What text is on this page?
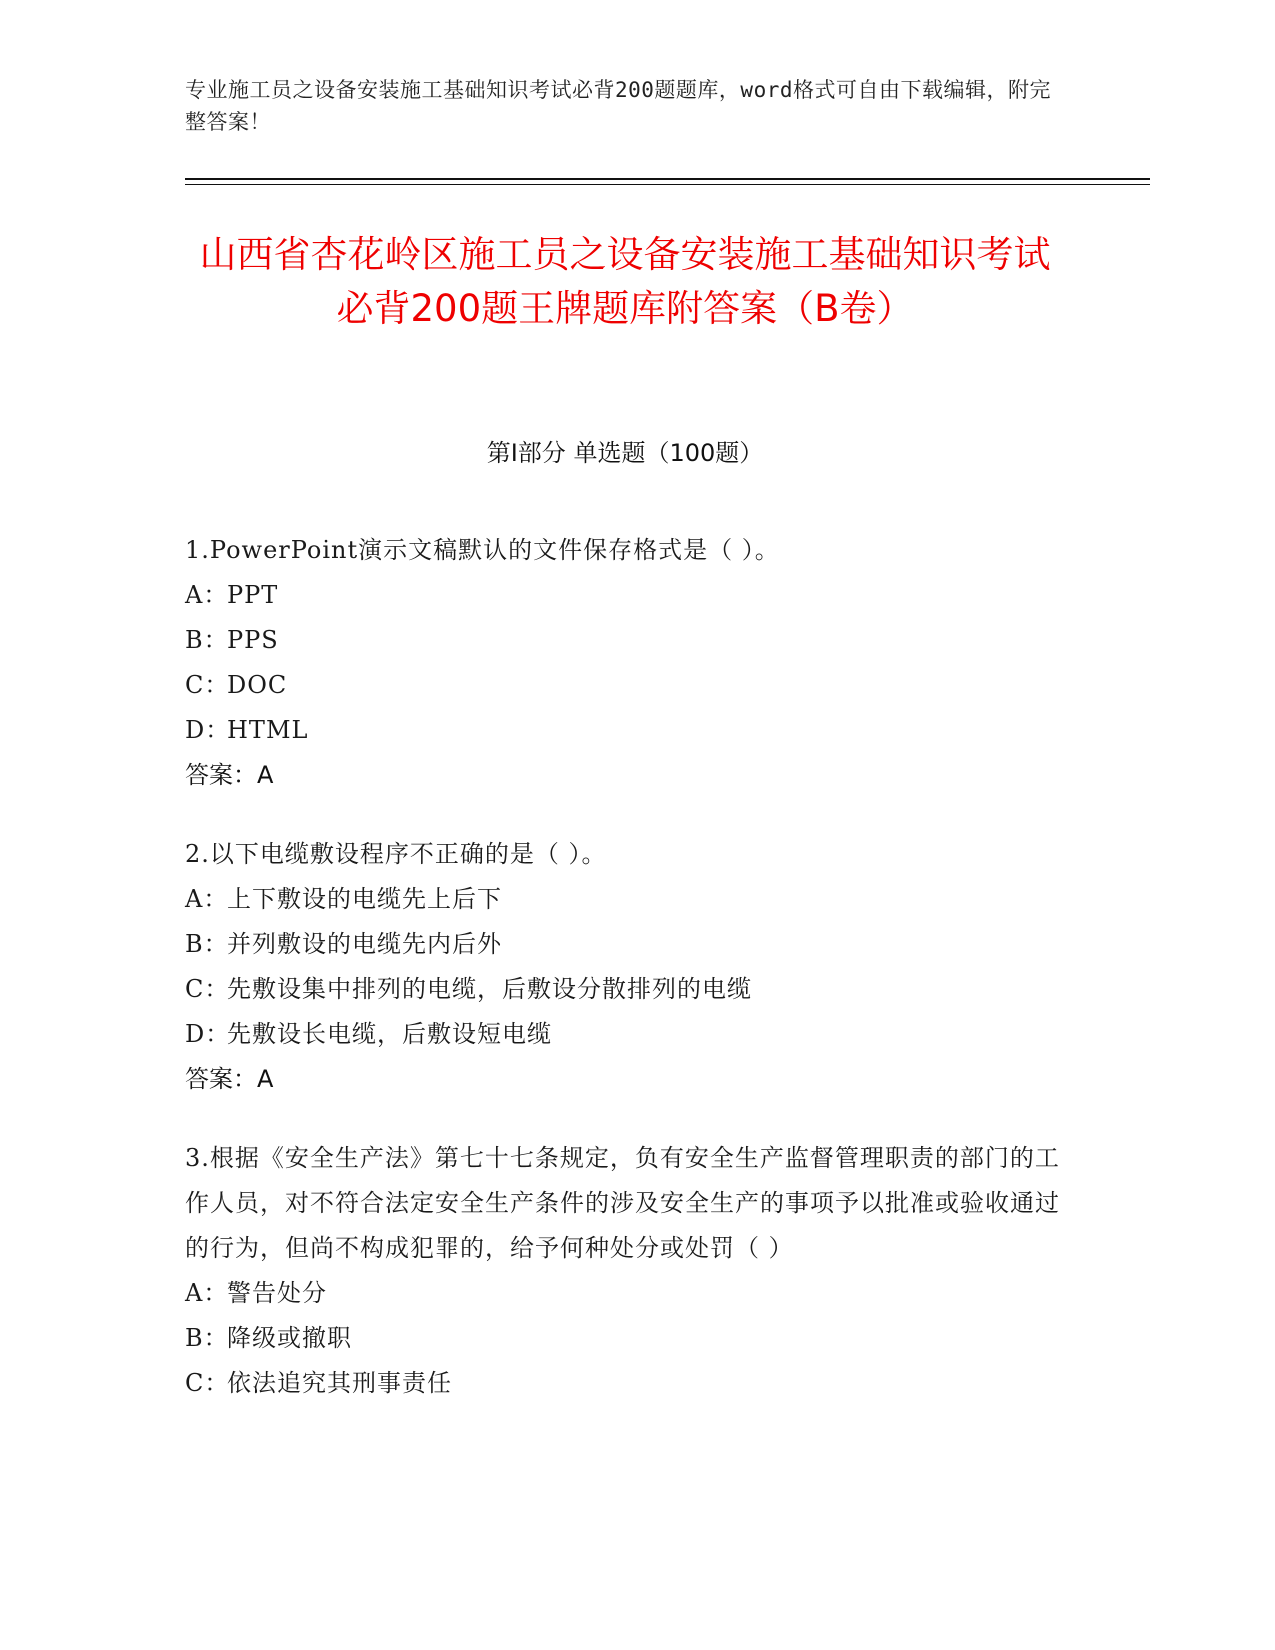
专业施工员之设备安装施工基础知识考试必背200题题库，word格式可自由下载编辑，附完整答案！
山西省杏花岭区施工员之设备安装施工基础知识考试必背200题王牌题库附答案（B卷）
第Ⅰ部分 单选题（100题）
1.PowerPoint演示文稿默认的文件保存格式是（ ）。
A：PPT
B：PPS
C：DOC
D：HTML
答案：A
2.以下电缆敷设程序不正确的是（ ）。
A：上下敷设的电缆先上后下
B：并列敷设的电缆先内后外
C：先敷设集中排列的电缆，后敷设分散排列的电缆
D：先敷设长电缆，后敷设短电缆
答案：A
3.根据《安全生产法》第七十七条规定，负有安全生产监督管理职责的部门的工作人员，对不符合法定安全生产条件的涉及安全生产的事项予以批准或验收通过的行为，但尚不构成犯罪的，给予何种处分或处罚（ ）
A：警告处分
B：降级或撤职
C：依法追究其刑事责任
